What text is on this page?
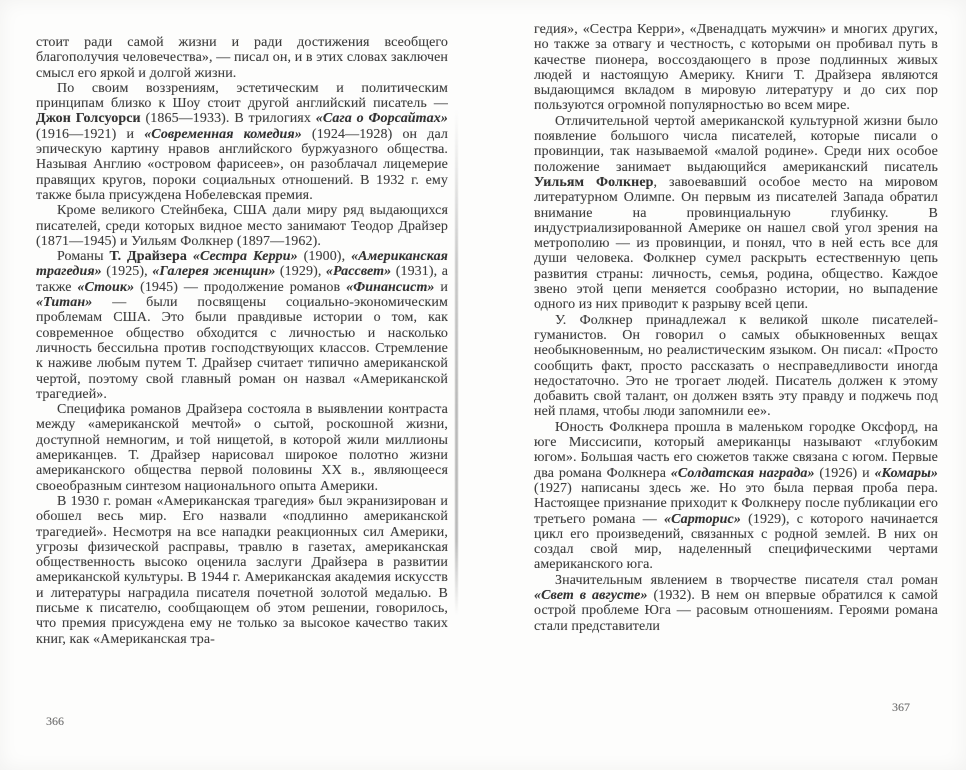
стоит ради самой жизни и ради достижения всеобщего благополучия человечества», — писал он, и в этих словах заключен смысл его яркой и долгой жизни.

По своим воззрениям, эстетическим и политическим принципам близко к Шоу стоит другой английский писатель — Джон Голсуорси (1865—1933). В трилогиях «Сага о Форсайтах» (1916—1921) и «Современная комедия» (1924—1928) он дал эпическую картину нравов английского буржуазного общества. Называя Англию «островом фарисеев», он разоблачал лицемерие правящих кругов, пороки социальных отношений. В 1932 г. ему также была присуждена Нобелевская премия.

Кроме великого Стейнбека, США дали миру ряд выдающихся писателей, среди которых видное место занимают Теодор Драйзер (1871—1945) и Уильям Фолкнер (1897—1962).

Романы Т. Драйзера «Сестра Керри» (1900), «Американская трагедия» (1925), «Галерея женщин» (1929), «Рассвет» (1931), а также «Стоик» (1945) — продолжение романов «Финансист» и «Титан» — были посвящены социально-экономическим проблемам США. Это были правдивые истории о том, как современное общество обходится с личностью и насколько личность бессильна против господствующих классов. Стремление к наживе любым путем Т. Драйзер считает типично американской чертой, поэтому свой главный роман он назвал «Американской трагедией».

Специфика романов Драйзера состояла в выявлении контраста между «американской мечтой» о сытой, роскошной жизни, доступной немногим, и той нищетой, в которой жили миллионы американцев. Т. Драйзер нарисовал широкое полотно жизни американского общества первой половины XX в., являющееся своеобразным синтезом национального опыта Америки.

В 1930 г. роман «Американская трагедия» был экранизирован и обошел весь мир. Его назвали «подлинно американской трагедией». Несмотря на все нападки реакционных сил Америки, угрозы физической расправы, травлю в газетах, американская общественность высоко оценила заслуги Драйзера в развитии американской культуры. В 1944 г. Американская академия искусств и литературы наградила писателя почетной золотой медалью. В письме к писателю, сообщающем об этом решении, говорилось, что премия присуждена ему не только за высокое качество таких книг, как «Американская тра-

гедия», «Сестра Керри», «Двенадцать мужчин» и многих других, но также за отвагу и честность, с которыми он пробивал путь в качестве пионера, воссоздающего в прозе подлинных живых людей и настоящую Америку. Книги Т. Драйзера являются выдающимся вкладом в мировую литературу и до сих пор пользуются огромной популярностью во всем мире.

Отличительной чертой американской культурной жизни было появление большого числа писателей, которые писали о провинции, так называемой «малой родине». Среди них особое положение занимает выдающийся американский писатель Уильям Фолкнер, завоевавший особое место на мировом литературном Олимпе. Он первым из писателей Запада обратил внимание на провинциальную глубинку. В индустриализированной Америке он нашел свой угол зрения на метрополию — из провинции, и понял, что в ней есть все для души человека. Фолкнер сумел раскрыть естественную цепь развития страны: личность, семья, родина, общество. Каждое звено этой цепи меняется сообразно истории, но выпадение одного из них приводит к разрыву всей цепи.

У. Фолкнер принадлежал к великой школе писателей-гуманистов. Он говорил о самых обыкновенных вещах необыкновенным, но реалистическим языком. Он писал: «Просто сообщить факт, просто рассказать о несправедливости иногда недостаточно. Это не трогает людей. Писатель должен к этому добавить свой талант, он должен взять эту правду и поджечь под ней пламя, чтобы люди запомнили ее».

Юность Фолкнера прошла в маленьком городке Оксфорд, на юге Миссисипи, который американцы называют «глубоким югом». Большая часть его сюжетов также связана с югом. Первые два романа Фолкнера «Солдатская награда» (1926) и «Комары» (1927) написаны здесь же. Но это была первая проба пера. Настоящее признание приходит к Фолкнеру после публикации его третьего романа — «Сарторис» (1929), с которого начинается цикл его произведений, связанных с родной землей. В них он создал свой мир, наделенный специфическими чертами американского юга.

Значительным явлением в творчестве писателя стал роман «Свет в августе» (1932). В нем он впервые обратился к самой острой проблеме Юга — расовым отношениям. Героями романа стали представители

366
367
